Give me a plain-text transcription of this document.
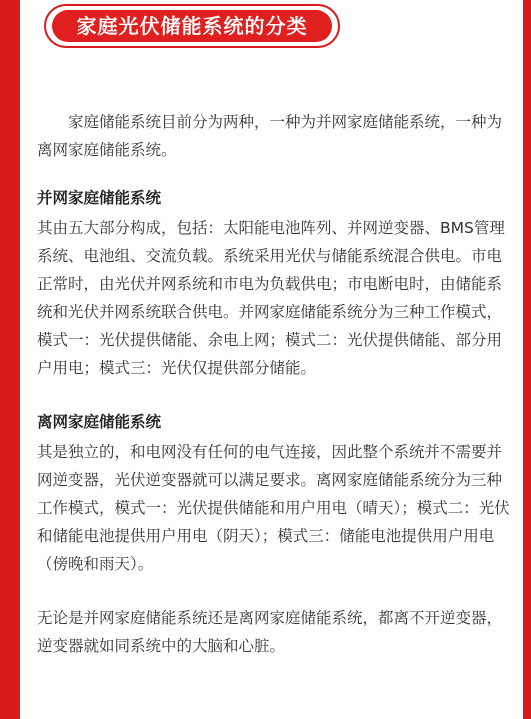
家庭光伏储能系统的分类

家庭储能系统目前分为两种，一种为并网家庭储能系统，一种为离网家庭储能系统。

并网家庭储能系统

其由五大部分构成，包括：太阳能电池阵列、并网逆变器、BMS管理系统、电池组、交流负载。系统采用光伏与储能系统混合供电。市电正常时，由光伏并网系统和市电为负载供电；市电断电时，由储能系统和光伏并网系统联合供电。并网家庭储能系统分为三种工作模式，模式一：光伏提供储能、余电上网；模式二：光伏提供储能、部分用户用电；模式三：光伏仅提供部分储能。

离网家庭储能系统

其是独立的，和电网没有任何的电气连接，因此整个系统并不需要并网逆变器，光伏逆变器就可以满足要求。离网家庭储能系统分为三种工作模式，模式一：光伏提供储能和用户用电（晴天）；模式二：光伏和储能电池提供用户用电（阴天）；模式三：储能电池提供用户用电（傍晚和雨天）。

无论是并网家庭储能系统还是离网家庭储能系统，都离不开逆变器，逆变器就如同系统中的大脑和心脏。
